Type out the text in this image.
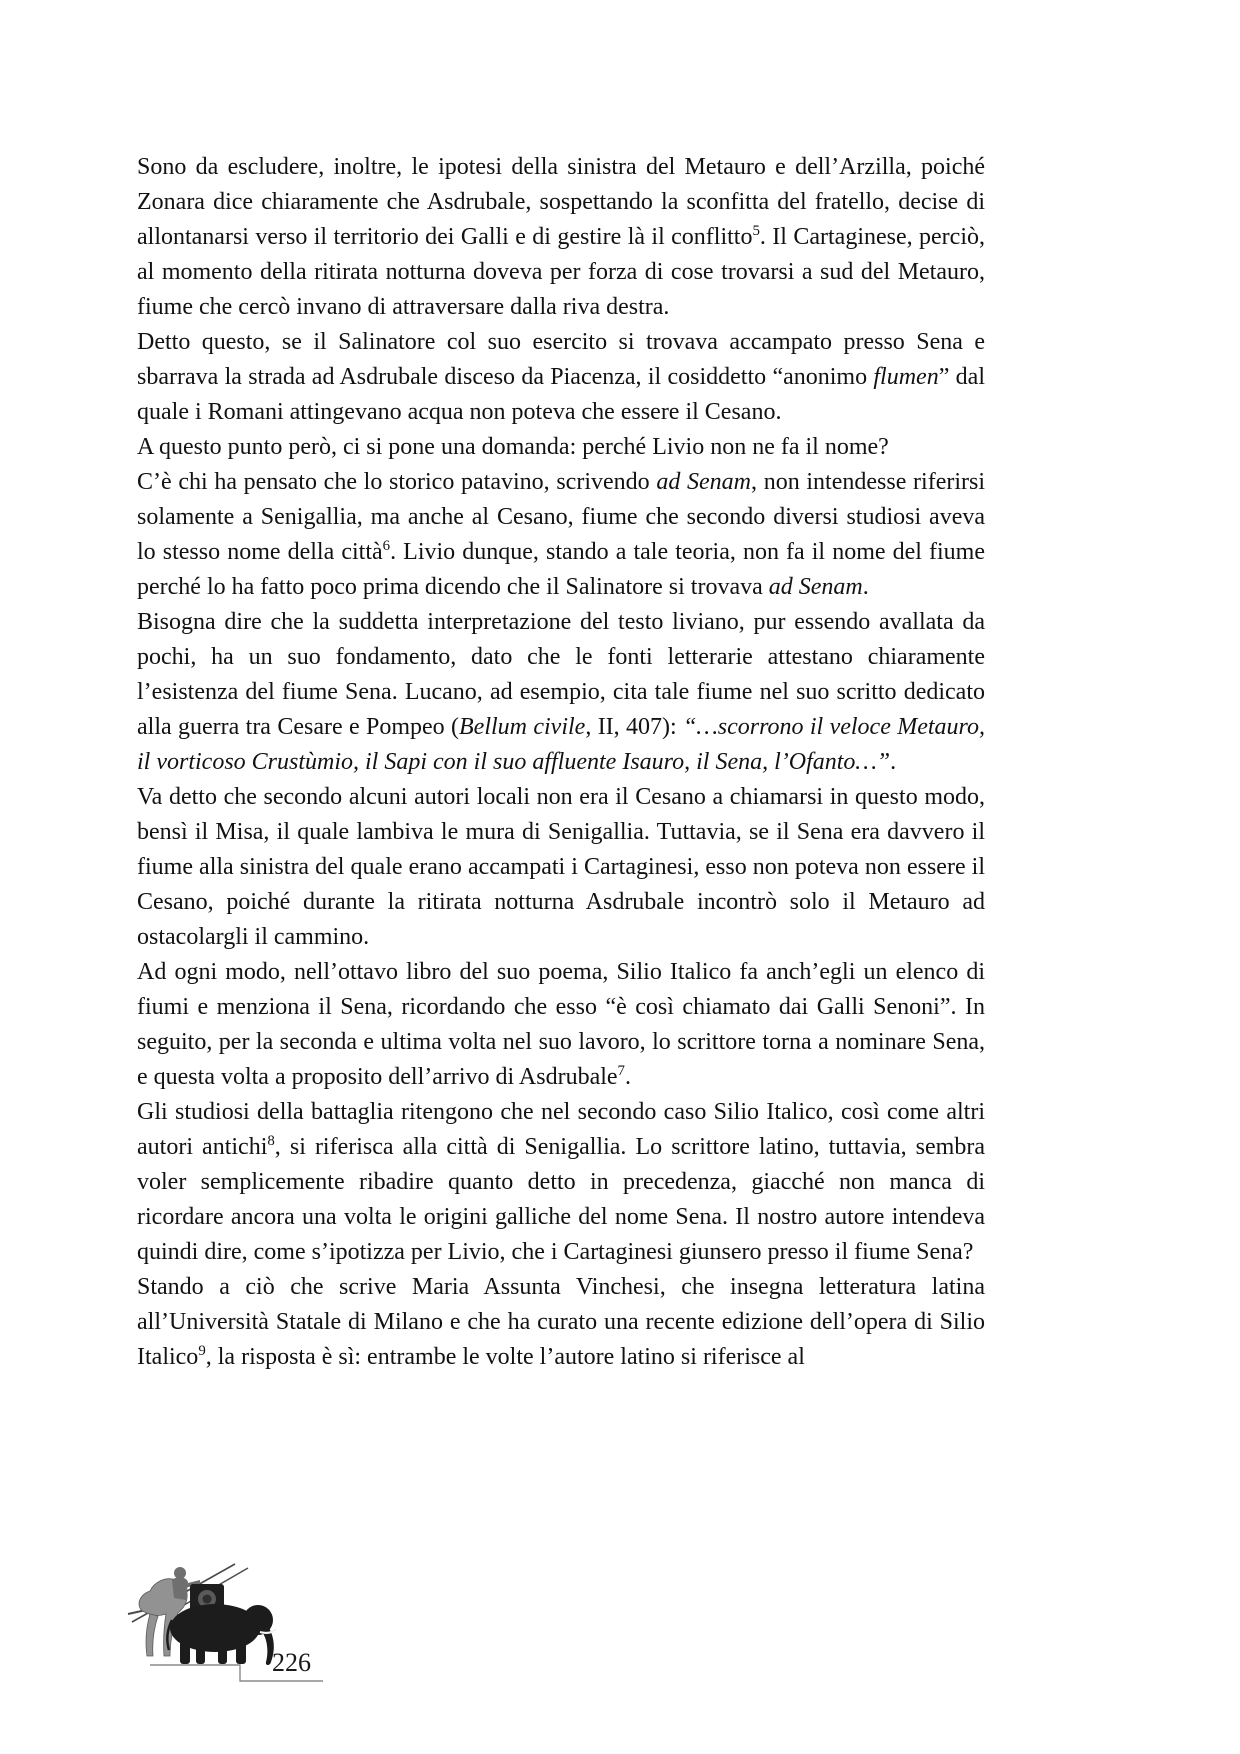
Sono da escludere, inoltre, le ipotesi della sinistra del Metauro e dell’Arzilla, poiché Zonara dice chiaramente che Asdrubale, sospettando la sconfitta del fratello, decise di allontanarsi verso il territorio dei Galli e di gestire là il conflitto$^5$. Il Cartaginese, perciò, al momento della ritirata notturna doveva per forza di cose trovarsi a sud del Metauro, fiume che cercò invano di attraversare dalla riva destra.

Detto questo, se il Salinatore col suo esercito si trovava accampato presso Sena e sbarrava la strada ad Asdrubale disceso da Piacenza, il cosiddetto “anonimo flumen” dal quale i Romani attingevano acqua non poteva che essere il Cesano.

A questo punto però, ci si pone una domanda: perché Livio non ne fa il nome?

C’è chi ha pensato che lo storico patavino, scrivendo ad Senam, non intendesse riferirsi solamente a Senigallia, ma anche al Cesano, fiume che secondo diversi studiosi aveva lo stesso nome della città$^6$. Livio dunque, stando a tale teoria, non fa il nome del fiume perché lo ha fatto poco prima dicendo che il Salinatore si trovava ad Senam.

Bisogna dire che la suddetta interpretazione del testo liviano, pur essendo avallata da pochi, ha un suo fondamento, dato che le fonti letterarie attestano chiaramente l’esistenza del fiume Sena. Lucano, ad esempio, cita tale fiume nel suo scritto dedicato alla guerra tra Cesare e Pompeo (Bellum civile, II, 407): “…scorrono il veloce Metauro, il vorticoso Crustùmio, il Sapi con il suo affluente Isauro, il Sena, l’Ofanto…”.

Va detto che secondo alcuni autori locali non era il Cesano a chiamarsi in questo modo, bensì il Misa, il quale lambiva le mura di Senigallia. Tuttavia, se il Sena era davvero il fiume alla sinistra del quale erano accampati i Cartaginesi, esso non poteva non essere il Cesano, poiché durante la ritirata notturna Asdrubale incontrò solo il Metauro ad ostacolargli il cammino.

Ad ogni modo, nell’ottavo libro del suo poema, Silio Italico fa anch’egli un elenco di fiumi e menziona il Sena, ricordando che esso “è così chiamato dai Galli Senoni”. In seguito, per la seconda e ultima volta nel suo lavoro, lo scrittore torna a nominare Sena, e questa volta a proposito dell’arrivo di Asdrubale$^7$.

Gli studiosi della battaglia ritengono che nel secondo caso Silio Italico, così come altri autori antichi$^8$, si riferisca alla città di Senigallia. Lo scrittore latino, tuttavia, sembra voler semplicemente ribadire quanto detto in precedenza, giacché non manca di ricordare ancora una volta le origini galliche del nome Sena. Il nostro autore intendeva quindi dire, come s’ipotizza per Livio, che i Cartaginesi giunsero presso il fiume Sena?

Stando a ciò che scrive Maria Assunta Vinchesi, che insegna letteratura latina all’Università Statale di Milano e che ha curato una recente edizione dell’opera di Silio Italico$^9$, la risposta è sì: entrambe le volte l’autore latino si riferisce al

226
